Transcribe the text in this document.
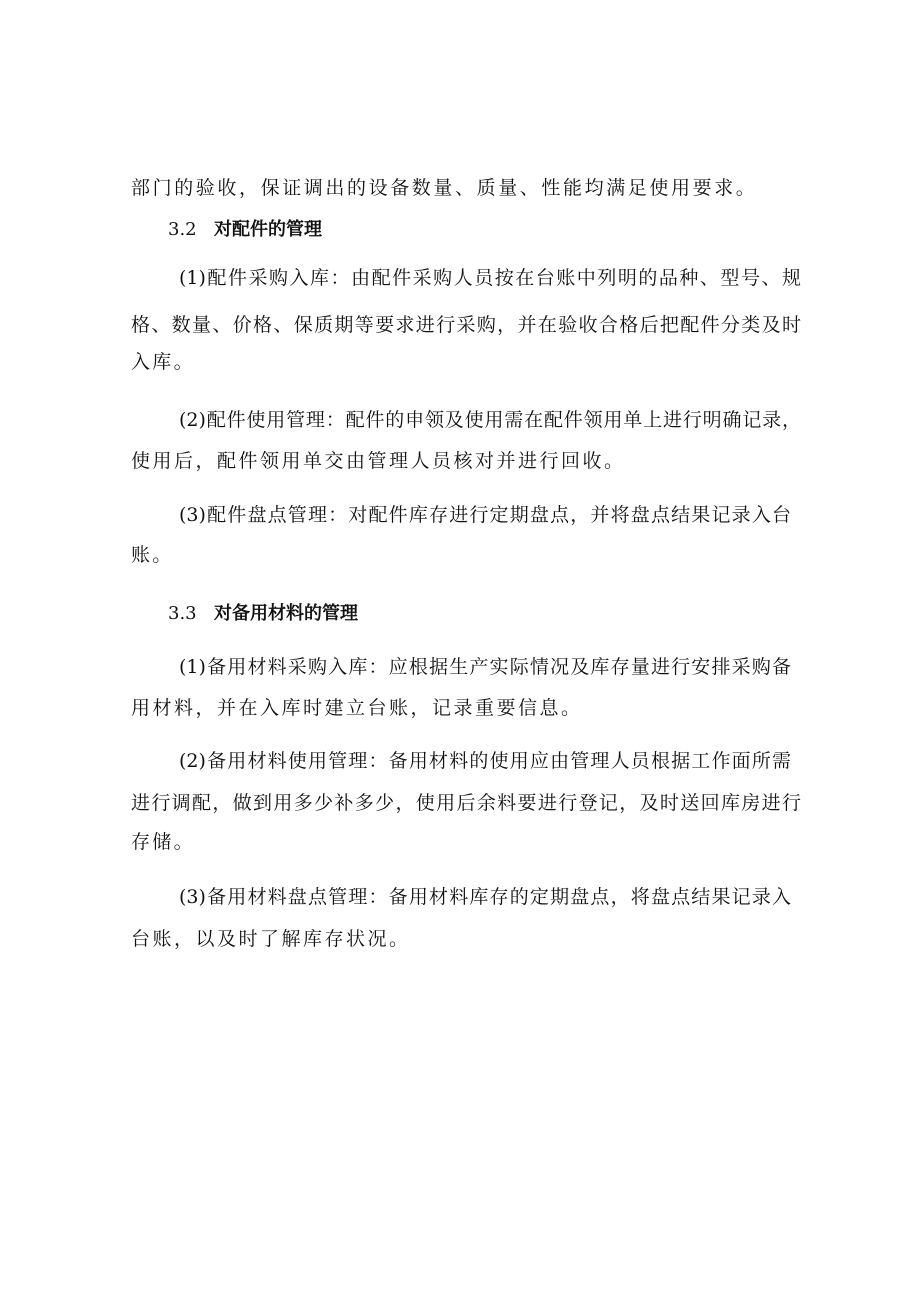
部门的验收，保证调出的设备数量、质量、性能均满足使用要求。
3.2 对配件的管理
(1)配件采购入库：由配件采购人员按在台账中列明的品种、型号、规
格、数量、价格、保质期等要求进行采购，并在验收合格后把配件分类及时
入库。
(2)配件使用管理：配件的申领及使用需在配件领用单上进行明确记录，
使用后，配件领用单交由管理人员核对并进行回收。
(3)配件盘点管理：对配件库存进行定期盘点，并将盘点结果记录入台
账。
3.3 对备用材料的管理
(1)备用材料采购入库：应根据生产实际情况及库存量进行安排采购备
用材料，并在入库时建立台账，记录重要信息。
(2)备用材料使用管理：备用材料的使用应由管理人员根据工作面所需
进行调配，做到用多少补多少，使用后余料要进行登记，及时送回库房进行
存储。
(3)备用材料盘点管理：备用材料库存的定期盘点，将盘点结果记录入
台账，以及时了解库存状况。
